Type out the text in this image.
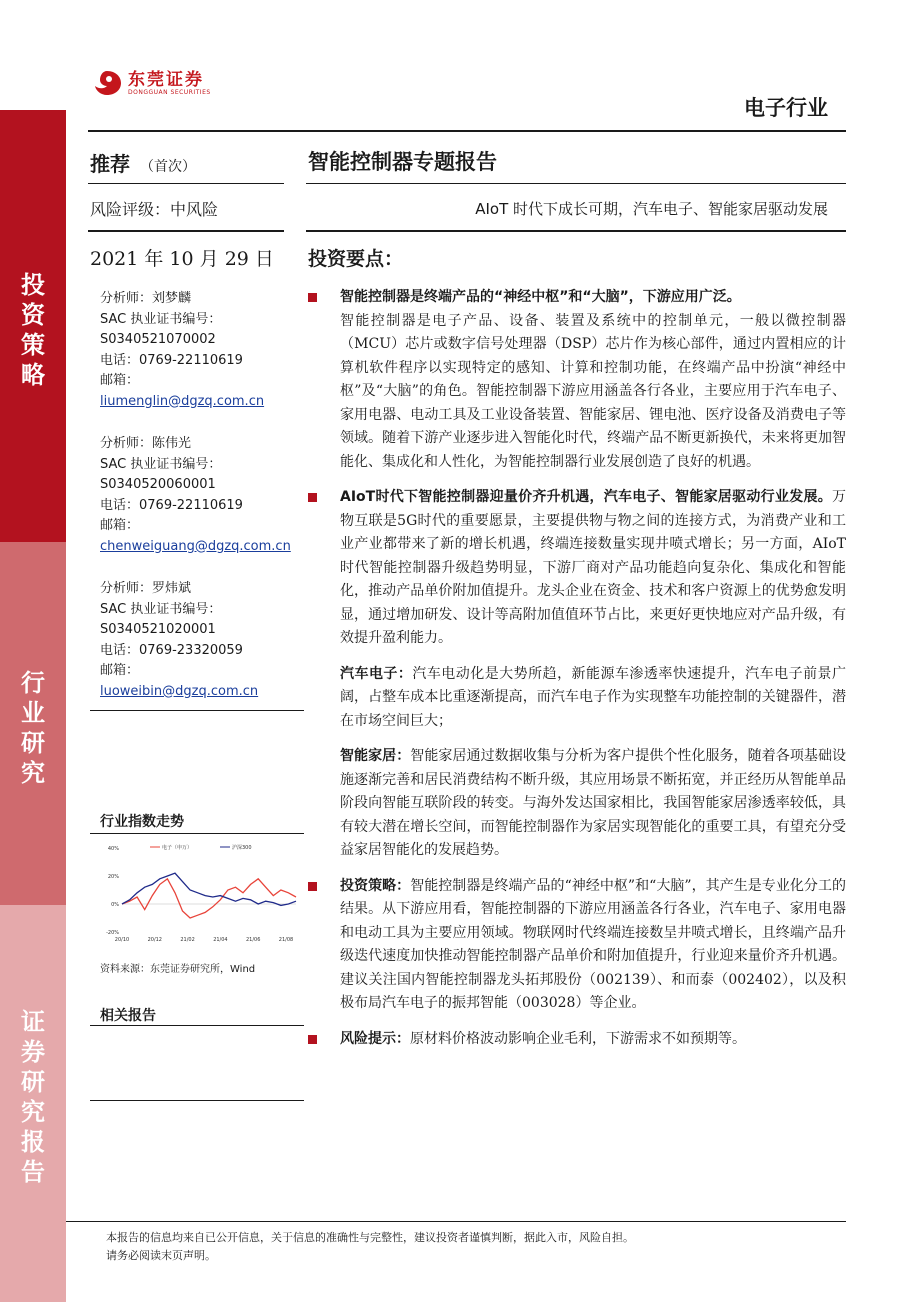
投
资
策
略
行
业
研
究
证
券
研
究
报
告
东莞证券
DONGGUAN SECURITIES
电子行业
推荐 （首次）	智能控制器专题报告
风险评级：中风险	AIoT 时代下成长可期，汽车电子、智能家居驱动发展
2021 年 10 月 29 日 投资要点：
分析师：刘梦麟
SAC 执业证书编号：
S0340521070002
电话：0769-22110619
邮箱：
liumenglin@dgzq.com.cn
分析师：陈伟光
SAC 执业证书编号：
S0340520060001
电话：0769-22110619
邮箱：
chenweiguang@dgzq.com.cn
分析师：罗炜斌
SAC 执业证书编号：
S0340521020001
电话：0769-23320059
邮箱：
luoweibin@dgzq.com.cn
行业指数走势
40%
20%
0%
-20%
20/10	20/12	21/02	21/04	21/06	21/08
电子（申万）	沪深300
资料来源：东莞证券研究所，Wind
相关报告
智能控制器是终端产品的“神经中枢”和“大脑”，下游应用广泛。
智能控制器是电子产品、设备、装置及系统中的控制单元，一般以微控制器（MCU）芯片或数字信号处理器（DSP）芯片作为核心部件，通过内置相应的计算机软件程序以实现特定的感知、计算和控制功能，在终端产品中扮演“神经中枢”及“大脑”的角色。智能控制器下游应用涵盖各行各业，主要应用于汽车电子、家用电器、电动工具及工业设备装置、智能家居、锂电池、医疗设备及消费电子等领域。随着下游产业逐步进入智能化时代，终端产品不断更新换代，未来将更加智能化、集成化和人性化，为智能控制器行业发展创造了良好的机遇。
AIoT时代下智能控制器迎量价齐升机遇，汽车电子、智能家居驱动行业发展。万物互联是5G时代的重要愿景，主要提供物与物之间的连接方式，为消费产业和工业产业都带来了新的增长机遇，终端连接数量实现井喷式增长；另一方面，AIoT时代智能控制器升级趋势明显，下游厂商对产品功能趋向复杂化、集成化和智能化，推动产品单价附加值提升。龙头企业在资金、技术和客户资源上的优势愈发明显，通过增加研发、设计等高附加值值环节占比，来更好更快地应对产品升级，有效提升盈利能力。
汽车电子：汽车电动化是大势所趋，新能源车渗透率快速提升，汽车电子前景广阔，占整车成本比重逐渐提高，而汽车电子作为实现整车功能控制的关键器件，潜在市场空间巨大；
智能家居：智能家居通过数据收集与分析为客户提供个性化服务，随着各项基础设施逐渐完善和居民消费结构不断升级，其应用场景不断拓宽，并正经历从智能单品阶段向智能互联阶段的转变。与海外发达国家相比，我国智能家居渗透率较低，具有较大潜在增长空间，而智能控制器作为家居实现智能化的重要工具，有望充分受益家居智能化的发展趋势。
投资策略：智能控制器是终端产品的“神经中枢”和“大脑”，其产生是专业化分工的结果。从下游应用看，智能控制器的下游应用涵盖各行各业，汽车电子、家用电器和电动工具为主要应用领域。物联网时代终端连接数呈井喷式增长，且终端产品升级迭代速度加快推动智能控制器产品单价和附加值提升，行业迎来量价齐升机遇。建议关注国内智能控制器龙头拓邦股份（002139）、和而泰（002402），以及积极布局汽车电子的振邦智能（003028）等企业。
风险提示：原材料价格波动影响企业毛利，下游需求不如预期等。
本报告的信息均来自已公开信息，关于信息的准确性与完整性，建议投资者谨慎判断，据此入市，风险自担。
请务必阅读末页声明。
